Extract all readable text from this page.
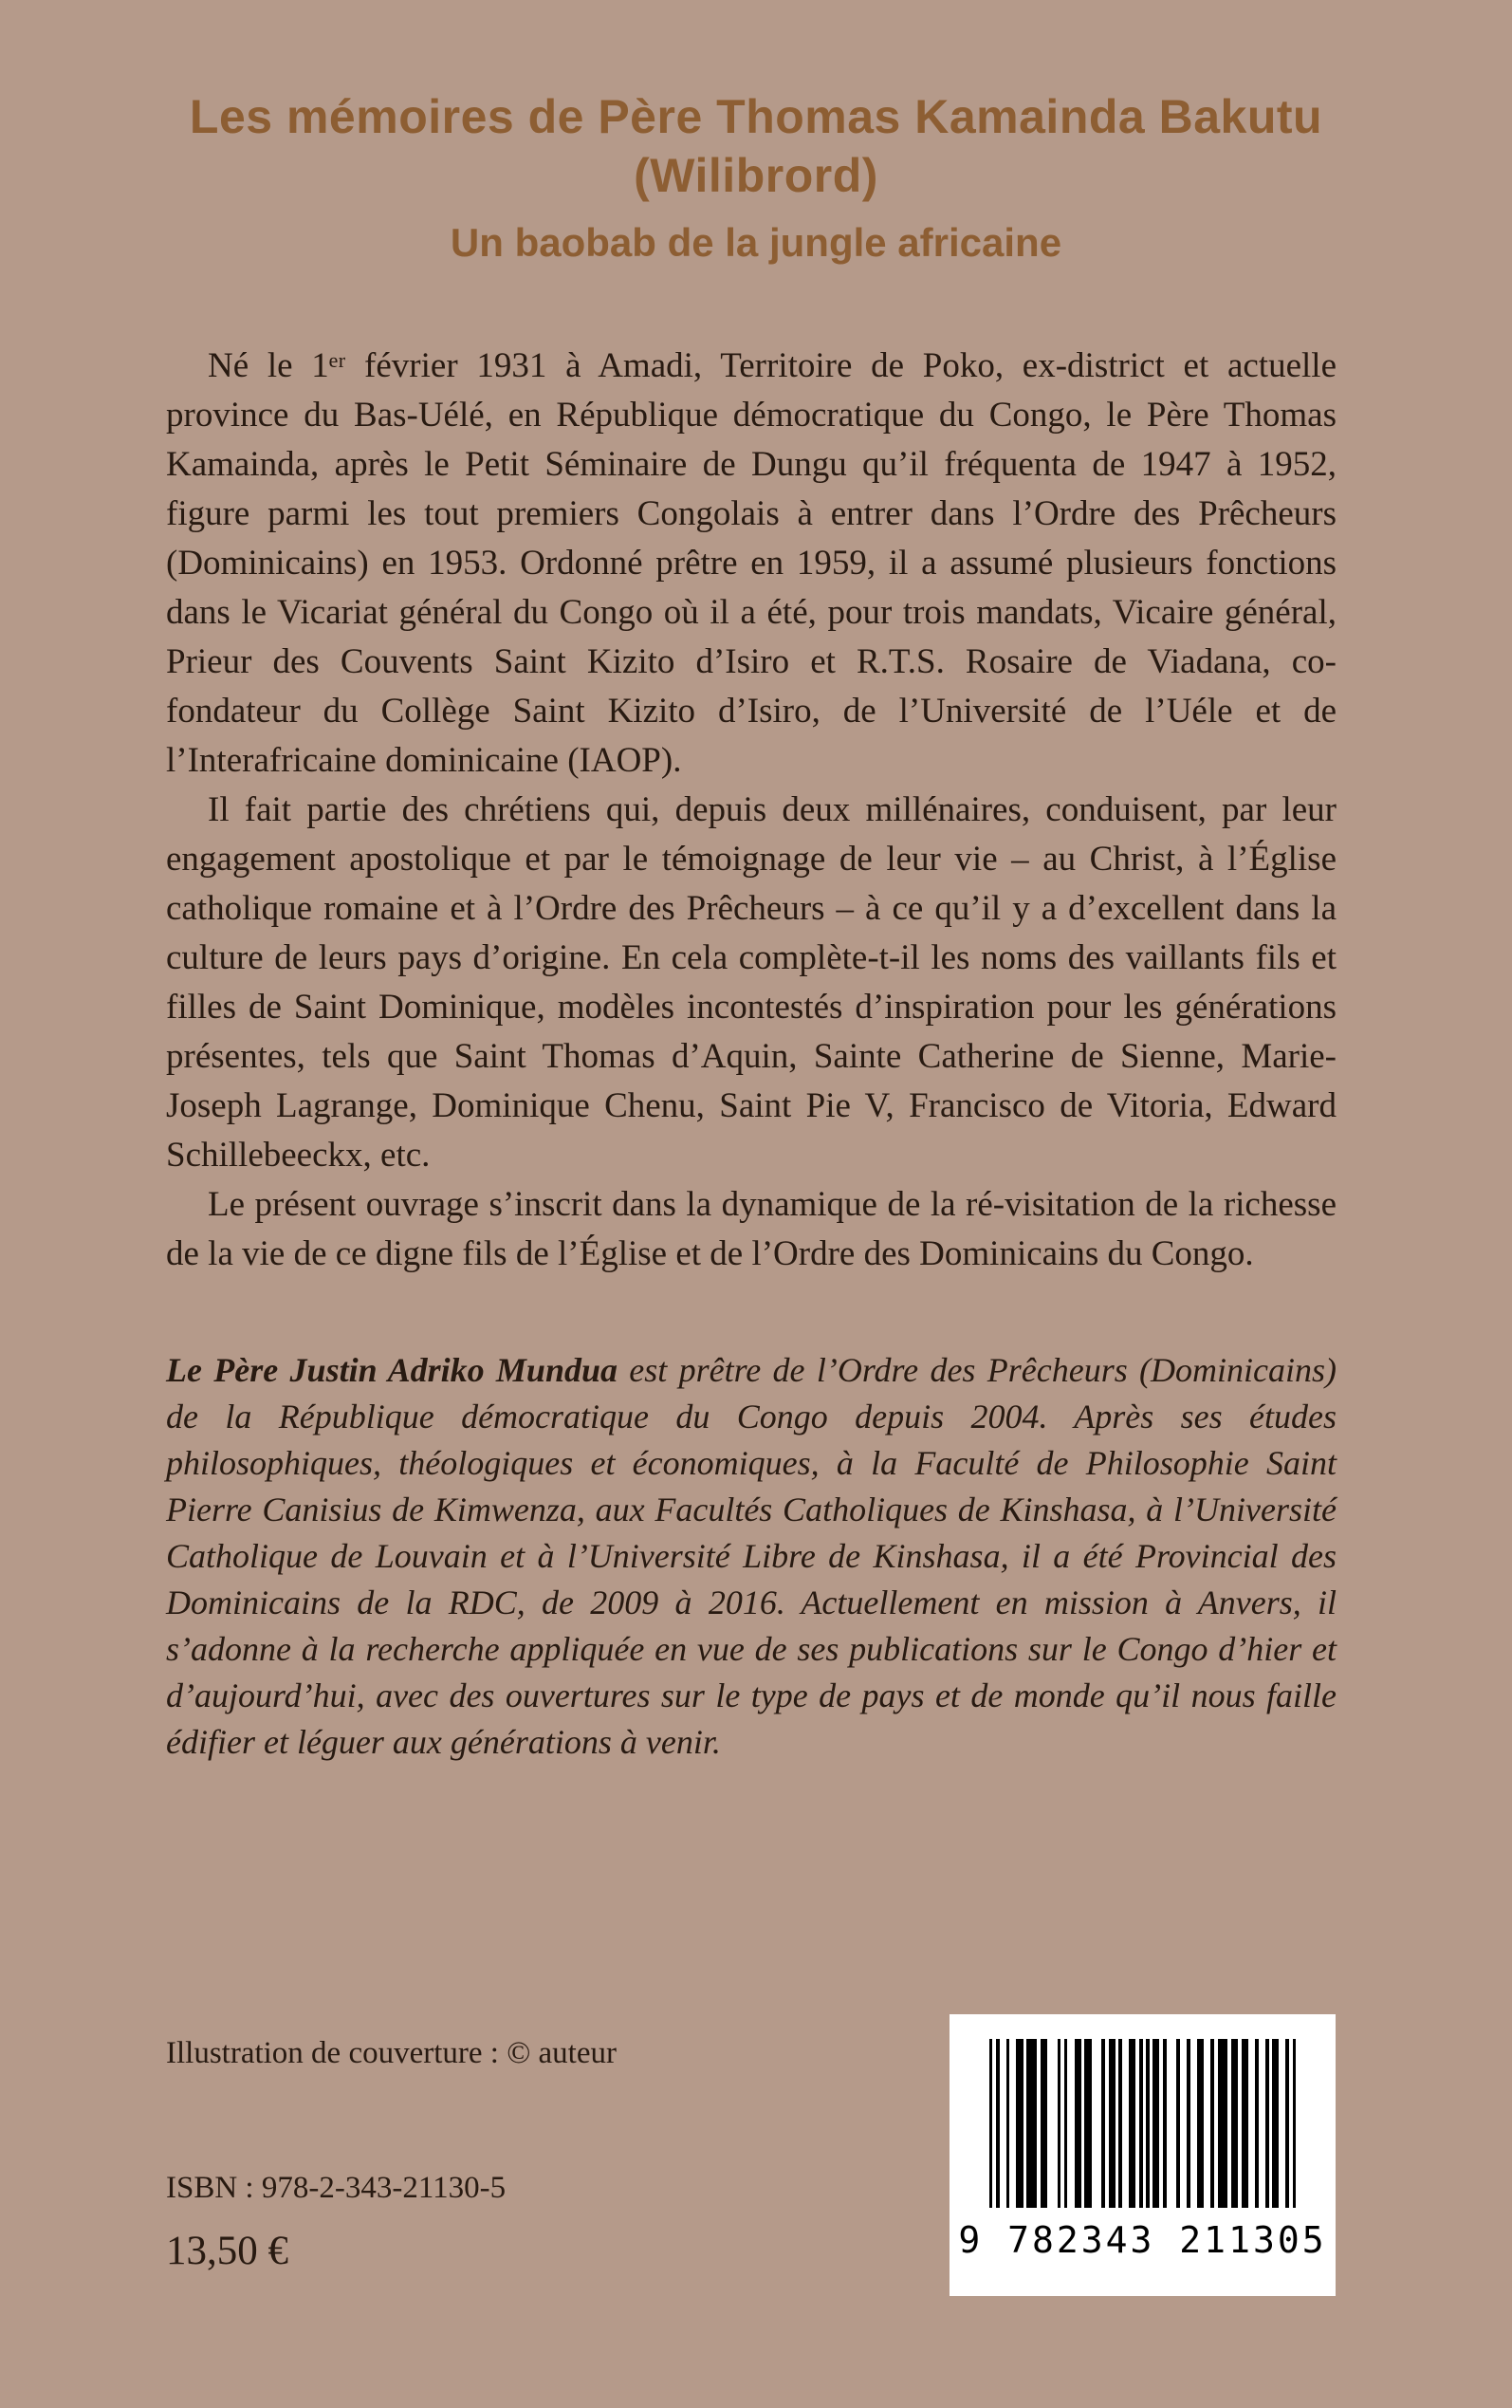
Les mémoires de Père Thomas Kamainda Bakutu
(Wilibrord)
Un baobab de la jungle africaine

Né le 1ᵉʳ février 1931 à Amadi, Territoire de Poko, ex-district et actuelle province du Bas-Uélé, en République démocratique du Congo, le Père Thomas Kamainda, après le Petit Séminaire de Dungu qu’il fréquenta de 1947 à 1952, figure parmi les tout premiers Congolais à entrer dans l’Ordre des Prêcheurs (Dominicains) en 1953. Ordonné prêtre en 1959, il a assumé plusieurs fonctions dans le Vicariat général du Congo où il a été, pour trois mandats, Vicaire général, Prieur des Couvents Saint Kizito d’Isiro et R.T.S. Rosaire de Viadana, co-fondateur du Collège Saint Kizito d’Isiro, de l’Université de l’Uéle et de l’Interafricaine dominicaine (IAOP).

Il fait partie des chrétiens qui, depuis deux millénaires, conduisent, par leur engagement apostolique et par le témoignage de leur vie – au Christ, à l’Église catholique romaine et à l’Ordre des Prêcheurs – à ce qu’il y a d’excellent dans la culture de leurs pays d’origine. En cela complète-t-il les noms des vaillants fils et filles de Saint Dominique, modèles incontestés d’inspiration pour les générations présentes, tels que Saint Thomas d’Aquin, Sainte Catherine de Sienne, Marie-Joseph Lagrange, Dominique Chenu, Saint Pie V, Francisco de Vitoria, Edward Schillebeeckx, etc.

Le présent ouvrage s’inscrit dans la dynamique de la ré-visitation de la richesse de la vie de ce digne fils de l’Église et de l’Ordre des Dominicains du Congo.

Le Père Justin Adriko Mundua est prêtre de l’Ordre des Prêcheurs (Dominicains) de la République démocratique du Congo depuis 2004. Après ses études philosophiques, théologiques et économiques, à la Faculté de Philosophie Saint Pierre Canisius de Kimwenza, aux Facultés Catholiques de Kinshasa, à l’Université Catholique de Louvain et à l’Université Libre de Kinshasa, il a été Provincial des Dominicains de la RDC, de 2009 à 2016. Actuellement en mission à Anvers, il s’adonne à la recherche appliquée en vue de ses publications sur le Congo d’hier et d’aujourd’hui, avec des ouvertures sur le type de pays et de monde qu’il nous faille édifier et léguer aux générations à venir.

Illustration de couverture : © auteur

ISBN : 978-2-343-21130-5

13,50 €	9 782343 211305
